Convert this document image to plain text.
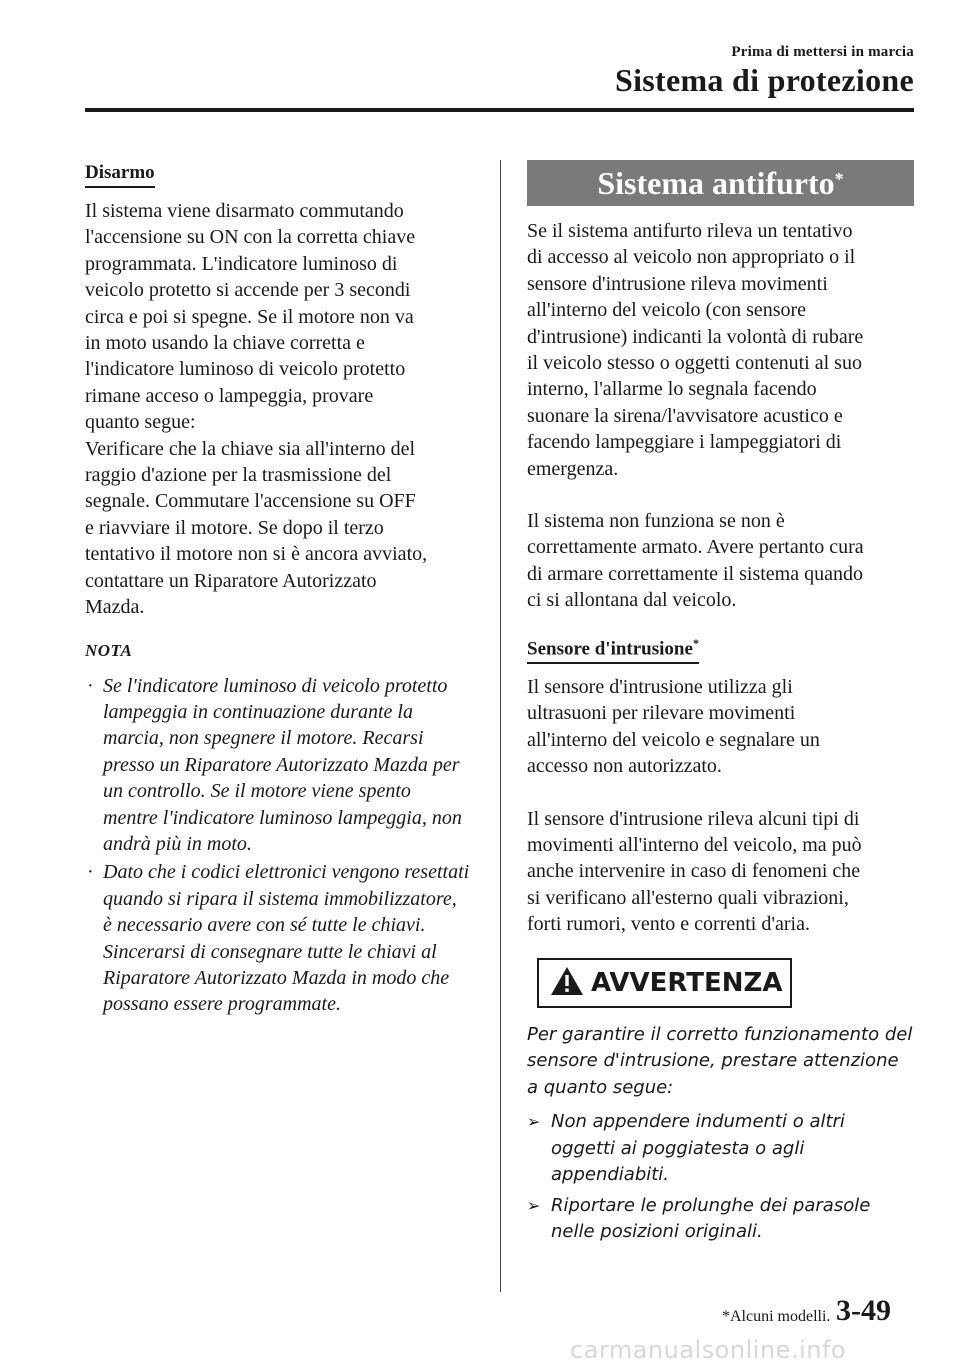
Prima di mettersi in marcia
Sistema di protezione
Disarmo

Il sistema viene disarmato commutando
l'accensione su ON con la corretta chiave
programmata. L'indicatore luminoso di
veicolo protetto si accende per 3 secondi
circa e poi si spegne. Se il motore non va
in moto usando la chiave corretta e
l'indicatore luminoso di veicolo protetto
rimane acceso o lampeggia, provare
quanto segue:
Verificare che la chiave sia all'interno del
raggio d'azione per la trasmissione del
segnale. Commutare l'accensione su OFF
e riavviare il motore. Se dopo il terzo
tentativo il motore non si è ancora avviato,
contattare un Riparatore Autorizzato
Mazda.

NOTA
· Se l'indicatore luminoso di veicolo protetto lampeggia in continuazione durante la marcia, non spegnere il motore. Recarsi presso un Riparatore Autorizzato Mazda per un controllo. Se il motore viene spento mentre l'indicatore luminoso lampeggia, non andrà più in moto.
· Dato che i codici elettronici vengono resettati quando si ripara il sistema immobilizzatore, è necessario avere con sé tutte le chiavi. Sincerarsi di consegnare tutte le chiavi al Riparatore Autorizzato Mazda in modo che possano essere programmate.
Sistema antifurto*

Se il sistema antifurto rileva un tentativo
di accesso al veicolo non appropriato o il
sensore d'intrusione rileva movimenti
all'interno del veicolo (con sensore
d'intrusione) indicanti la volontà di rubare
il veicolo stesso o oggetti contenuti al suo
interno, l'allarme lo segnala facendo
suonare la sirena/l'avvisatore acustico e
facendo lampeggiare i lampeggiatori di
emergenza.

Il sistema non funziona se non è
correttamente armato. Avere pertanto cura
di armare correttamente il sistema quando
ci si allontana dal veicolo.

Sensore d'intrusione*

Il sensore d'intrusione utilizza gli
ultrasuoni per rilevare movimenti
all'interno del veicolo e segnalare un
accesso non autorizzato.

Il sensore d'intrusione rileva alcuni tipi di
movimenti all'interno del veicolo, ma può
anche intervenire in caso di fenomeni che
si verificano all'esterno quali vibrazioni,
forti rumori, vento e correnti d'aria.

AVVERTENZA

Per garantire il corretto funzionamento del sensore d'intrusione, prestare attenzione a quanto segue:

➢ Non appendere indumenti o altri oggetti ai poggiatesta o agli appendiabiti.
➢ Riportare le prolunghe dei parasole nelle posizioni originali.
*Alcuni modelli. 3-49
carmanualsonline.info
